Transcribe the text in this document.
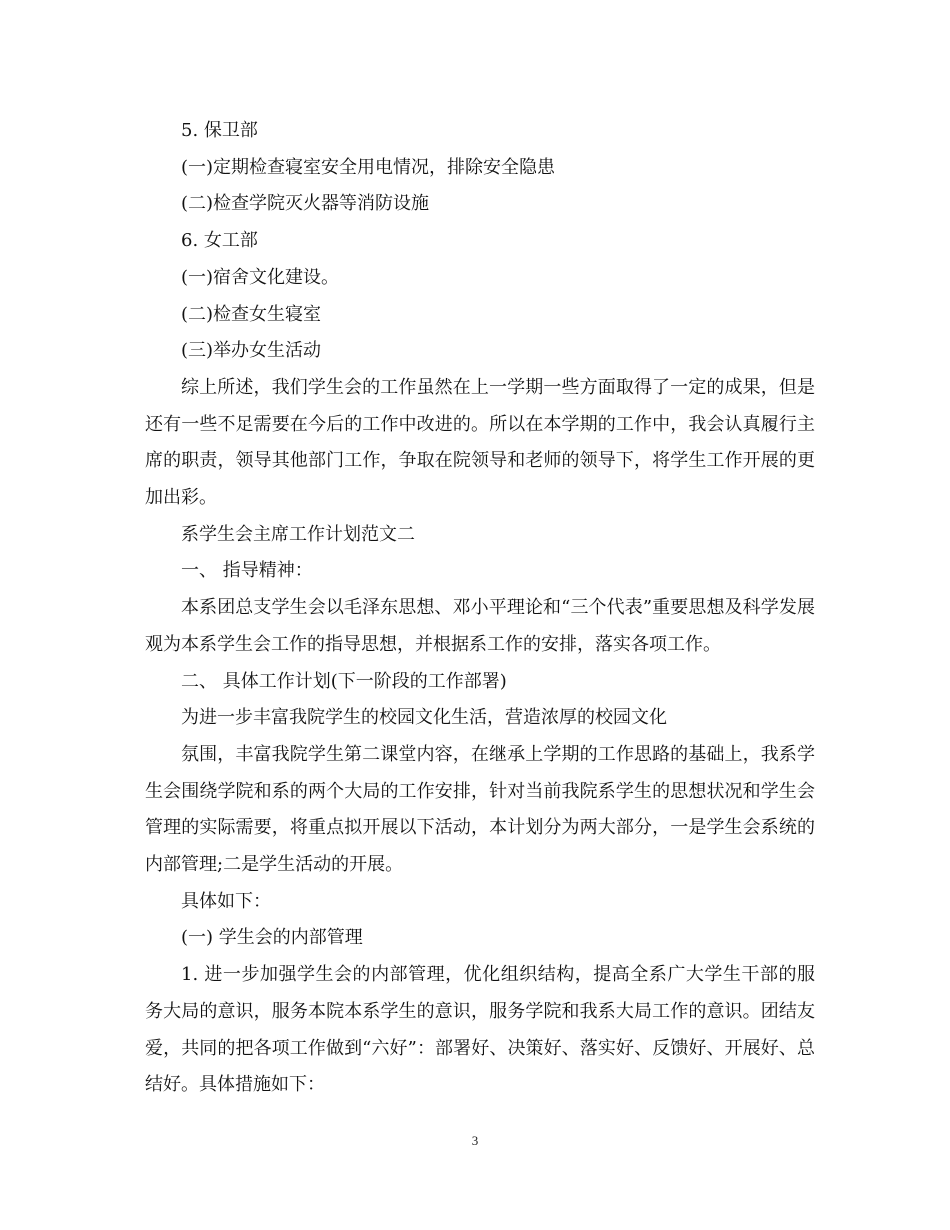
5. 保卫部

(一)定期检查寝室安全用电情况，排除安全隐患

(二)检查学院灭火器等消防设施

6. 女工部

(一)宿舍文化建设。

(二)检查女生寝室

(三)举办女生活动

综上所述，我们学生会的工作虽然在上一学期一些方面取得了一定的成果，但是还有一些不足需要在今后的工作中改进的。所以在本学期的工作中，我会认真履行主席的职责，领导其他部门工作，争取在院领导和老师的领导下，将学生工作开展的更加出彩。

系学生会主席工作计划范文二

一、 指导精神：

本系团总支学生会以毛泽东思想、邓小平理论和“三个代表”重要思想及科学发展观为本系学生会工作的指导思想，并根据系工作的安排，落实各项工作。

二、 具体工作计划(下一阶段的工作部署)

为进一步丰富我院学生的校园文化生活，营造浓厚的校园文化

氛围，丰富我院学生第二课堂内容，在继承上学期的工作思路的基础上，我系学生会围绕学院和系的两个大局的工作安排，针对当前我院系学生的思想状况和学生会管理的实际需要，将重点拟开展以下活动，本计划分为两大部分，一是学生会系统的内部管理;二是学生活动的开展。

具体如下：

(一) 学生会的内部管理

1. 进一步加强学生会的内部管理，优化组织结构，提高全系广大学生干部的服务大局的意识，服务本院本系学生的意识，服务学院和我系大局工作的意识。团结友爱，共同的把各项工作做到“六好”：部署好、决策好、落实好、反馈好、开展好、总结好。具体措施如下：

3
